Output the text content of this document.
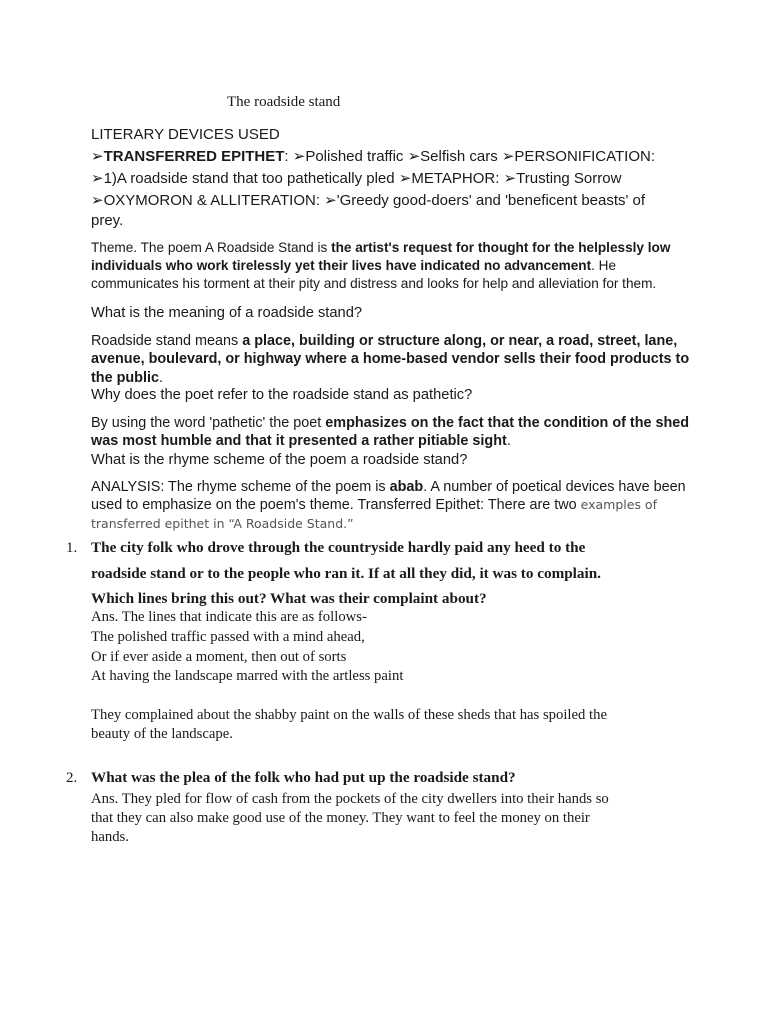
The roadside stand
LITERARY DEVICES USED
➢TRANSFERRED EPITHET: ➢Polished traffic ➢Selfish cars ➢PERSONIFICATION:
➢1)A roadside stand that too pathetically pled ➢METAPHOR: ➢Trusting Sorrow
➢OXYMORON & ALLITERATION: ➢'Greedy good-doers' and 'beneficent beasts' of
prey.
Theme. The poem A Roadside Stand is the artist's request for thought for the helplessly low individuals who work tirelessly yet their lives have indicated no advancement. He communicates his torment at their pity and distress and looks for help and alleviation for them.
What is the meaning of a roadside stand?
Roadside stand means a place, building or structure along, or near, a road, street, lane, avenue, boulevard, or highway where a home-based vendor sells their food products to the public.
Why does the poet refer to the roadside stand as pathetic?
By using the word 'pathetic' the poet emphasizes on the fact that the condition of the shed was most humble and that it presented a rather pitiable sight.
What is the rhyme scheme of the poem a roadside stand?
ANALYSIS: The rhyme scheme of the poem is abab. A number of poetical devices have been used to emphasize on the poem's theme. Transferred Epithet: There are two examples of transferred epithet in “A Roadside Stand.”
1. The city folk who drove through the countryside hardly paid any heed to the
roadside stand or to the people who ran it. If at all they did, it was to complain.
Which lines bring this out? What was their complaint about?
Ans. The lines that indicate this are as follows-
The polished traffic passed with a mind ahead,
Or if ever aside a moment, then out of sorts
At having the landscape marred with the artless paint
They complained about the shabby paint on the walls of these sheds that has spoiled the
beauty of the landscape.
2. What was the plea of the folk who had put up the roadside stand?
Ans. They pled for flow of cash from the pockets of the city dwellers into their hands so
that they can also make good use of the money. They want to feel the money on their
hands.
